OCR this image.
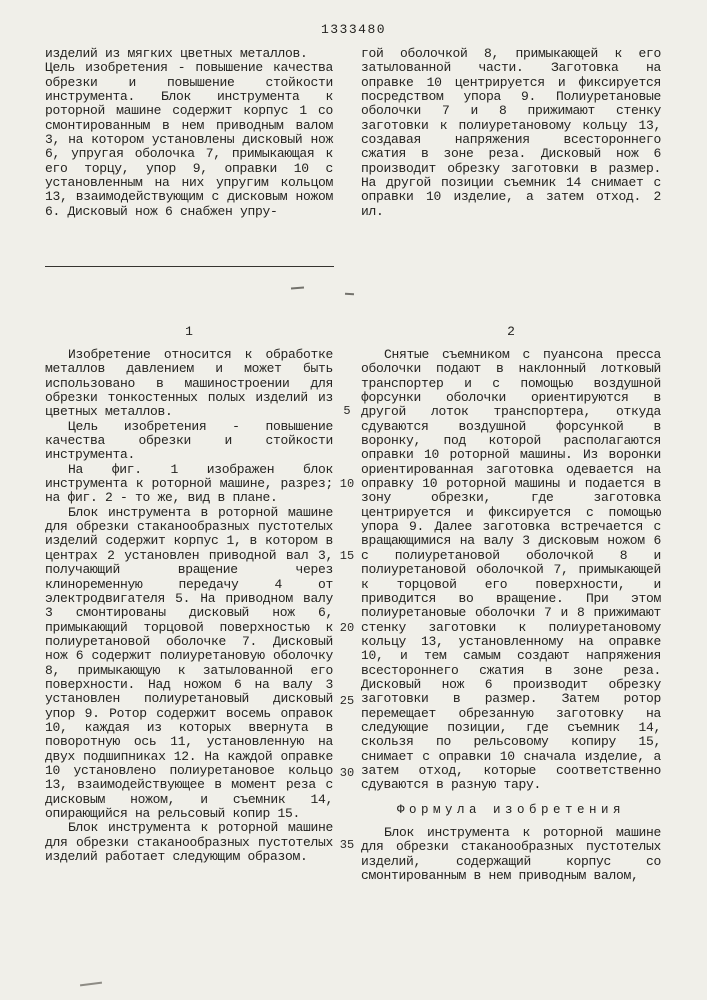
1333480

изделий из мягких цветных металлов.

Цель изобретения - повышение качества обрезки и повышение стойкости инструмента. Блок инструмента к роторной машине содержит корпус 1 со смонтированным в нем приводным валом 3, на котором установлены дисковый нож 6, упругая оболочка 7, примыкающая к его торцу, упор 9, оправки 10 с установленным на них упругим кольцом 13, взаимодействующим с дисковым ножом 6. Дисковый нож 6 снабжен упру-

гой оболочкой 8, примыкающей к его затылованной части. Заготовка на оправке 10 центрируется и фиксируется посредством упора 9. Полиуретановые оболочки 7 и 8 прижимают стенку заготовки к полиуретановому кольцу 13, создавая напряжения всестороннего сжатия в зоне реза. Дисковый нож 6 производит обрезку заготовки в размер. На другой позиции съемник 14 снимает с оправки 10 изделие, а затем отход. 2 ил.

1	2

Изобретение относится к обработке металлов давлением и может быть использовано в машиностроении для обрезки тонкостенных полых изделий из цветных металлов.

Цель изобретения - повышение качества обрезки и стойкости инструмента.

На фиг. 1 изображен блок инструмента к роторной машине, разрез; на фиг. 2 - то же, вид в плане.

Блок инструмента в роторной машине для обрезки стаканообразных пустотелых изделий содержит корпус 1, в котором в центрах 2 установлен приводной вал 3, получающий вращение через клиноременную передачу 4 от электродвигателя 5. На приводном валу 3 смонтированы дисковый нож 6, примыкающий торцовой поверхностью к полиуретановой оболочке 7. Дисковый нож 6 содержит полиуретановую оболочку 8, примыкающую к затылованной его поверхности. Над ножом 6 на валу 3 установлен полиуретановый дисковый упор 9. Ротор содержит восемь оправок 10, каждая из которых ввернута в поворотную ось 11, установленную на двух подшипниках 12. На каждой оправке 10 установлено полиуретановое кольцо 13, взаимодействующее в момент реза с дисковым ножом, и съемник 14, опирающийся на рельсовый копир 15.

Блок инструмента к роторной машине для обрезки стаканообразных пустотелых изделий работает следующим образом.

Снятые съемником с пуансона пресса оболочки подают в наклонный лотковый транспортер и с помощью воздушной форсунки оболочки ориентируются в другой лоток транспортера, откуда сдуваются воздушной форсункой в воронку, под которой располагаются оправки 10 роторной машины. Из воронки ориентированная заготовка одевается на оправку 10 роторной машины и подается в зону обрезки, где заготовка центрируется и фиксируется с помощью упора 9. Далее заготовка встречается с вращающимися на валу 3 дисковым ножом 6 с полиуретановой оболочкой 8 и полиуретановой оболочкой 7, примыкающей к торцовой его поверхности, и приводится во вращение. При этом полиуретановые оболочки 7 и 8 прижимают стенку заготовки к полиуретановому кольцу 13, установленному на оправке 10, и тем самым создают напряжения всестороннего сжатия в зоне реза. Дисковый нож 6 производит обрезку заготовки в размер. Затем ротор перемещает обрезанную заготовку на следующие позиции, где съемник 14, скользя по рельсовому копиру 15, снимает с оправки 10 сначала изделие, а затем отход, которые соответственно сдуваются в разную тару.

Формула изобретения

Блок инструмента к роторной машине для обрезки стаканообразных пустотелых изделий, содержащий корпус со смонтированным в нем приводным валом,

5
10
15
20
25
30
35
